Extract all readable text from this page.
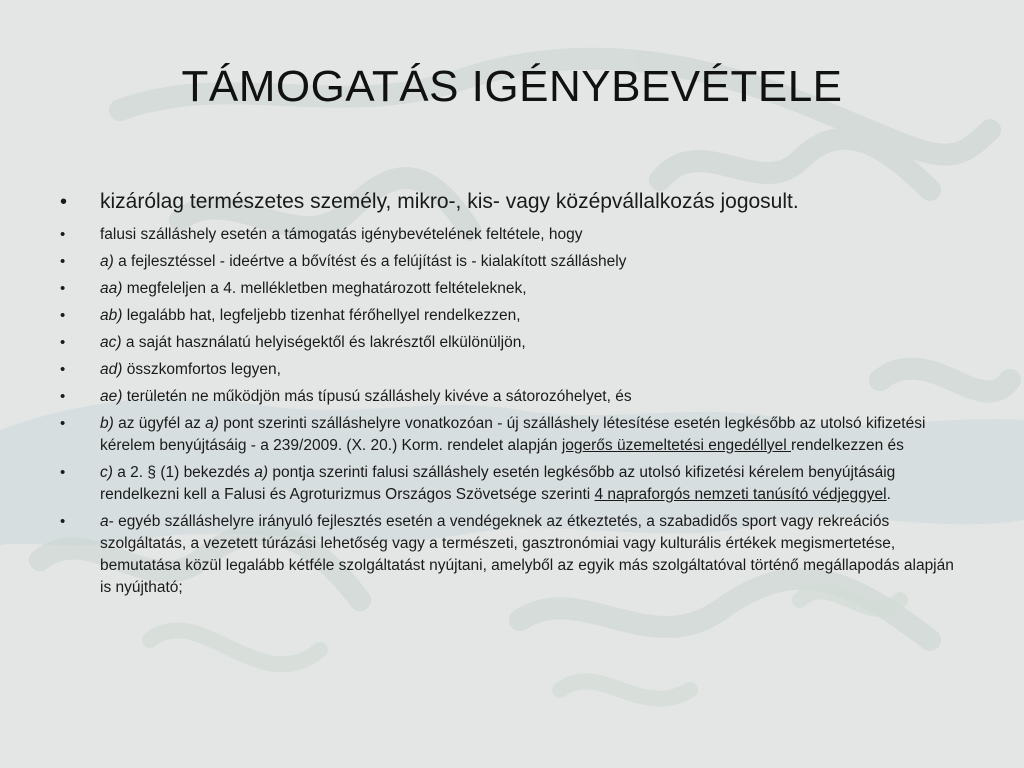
TÁMOGATÁS IGÉNYBEVÉTELE
• kizárólag természetes személy, mikro-, kis- vagy középvállalkozás jogosult.
• falusi szálláshely esetén a támogatás igénybevételének feltétele, hogy
• a) a fejlesztéssel - ideértve a bővítést és a felújítást is - kialakított szálláshely
• aa) megfeleljen a 4. mellékletben meghatározott feltételeknek,
• ab) legalább hat, legfeljebb tizenhat férőhellyel rendelkezzen,
• ac) a saját használatú helyiségektől és lakrésztől elkülönüljön,
• ad) összkomfortos legyen,
• ae) területén ne működjön más típusú szálláshely kivéve a sátorozóhelyet, és
• b) az ügyfél az a) pont szerinti szálláshelyre vonatkozóan - új szálláshely létesítése esetén legkésőbb az utolsó kifizetési kérelem benyújtásáig - a 239/2009. (X. 20.) Korm. rendelet alapján jogerős üzemeltetési engedéllyel rendelkezzen és
• c) a 2. § (1) bekezdés a) pontja szerinti falusi szálláshely esetén legkésőbb az utolsó kifizetési kérelem benyújtásáig rendelkezni kell a Falusi és Agroturizmus Országos Szövetsége szerinti 4 napraforgós nemzeti tanúsító védjeggyel.
• a- egyéb szálláshelyre irányuló fejlesztés esetén a vendégeknek az étkeztetés, a szabadidős sport vagy rekreációs szolgáltatás, a vezetett túrázási lehetőség vagy a természeti, gasztronómiai vagy kulturális értékek megismertetése, bemutatása közül legalább kétféle szolgáltatást nyújtani, amelyből az egyik más szolgáltatóval történő megállapodás alapján is nyújtható;
